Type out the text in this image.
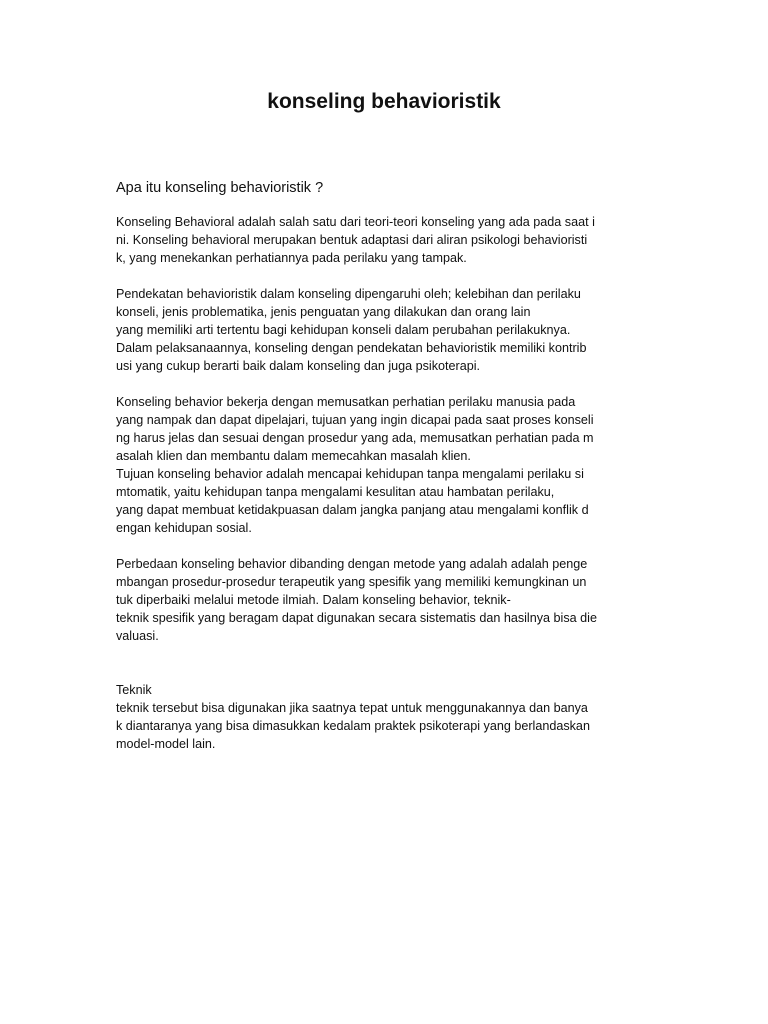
konseling behavioristik

Apa itu konseling behavioristik ?

Konseling Behavioral adalah salah satu dari teori-teori konseling yang ada pada saat i
ni. Konseling behavioral merupakan bentuk adaptasi dari aliran psikologi behavioristi
k, yang menekankan perhatiannya pada perilaku yang tampak.

Pendekatan behavioristik dalam konseling dipengaruhi oleh; kelebihan dan perilaku
konseli, jenis problematika, jenis penguatan yang dilakukan dan orang lain
yang memiliki arti tertentu bagi kehidupan konseli dalam perubahan perilakuknya.
Dalam pelaksanaannya, konseling dengan pendekatan behavioristik memiliki kontrib
usi yang cukup berarti baik dalam konseling dan juga psikoterapi.

Konseling behavior bekerja dengan memusatkan perhatian perilaku manusia pada
yang nampak dan dapat dipelajari, tujuan yang ingin dicapai pada saat proses konseli
ng harus jelas dan sesuai dengan prosedur yang ada, memusatkan perhatian pada m
asalah klien dan membantu dalam memecahkan masalah klien.
Tujuan konseling behavior adalah mencapai kehidupan tanpa mengalami perilaku si
mtomatik, yaitu kehidupan tanpa mengalami kesulitan atau hambatan perilaku,
yang dapat membuat ketidakpuasan dalam jangka panjang atau mengalami konflik d
engan kehidupan sosial.

Perbedaan konseling behavior dibanding dengan metode yang adalah adalah penge
mbangan prosedur-prosedur terapeutik yang spesifik yang memiliki kemungkinan un
tuk diperbaiki melalui metode ilmiah. Dalam konseling behavior, teknik-
teknik spesifik yang beragam dapat digunakan secara sistematis dan hasilnya bisa die
valuasi.

Teknik
teknik tersebut bisa digunakan jika saatnya tepat untuk menggunakannya dan banya
k diantaranya yang bisa dimasukkan kedalam praktek psikoterapi yang berlandaskan
model-model lain.
